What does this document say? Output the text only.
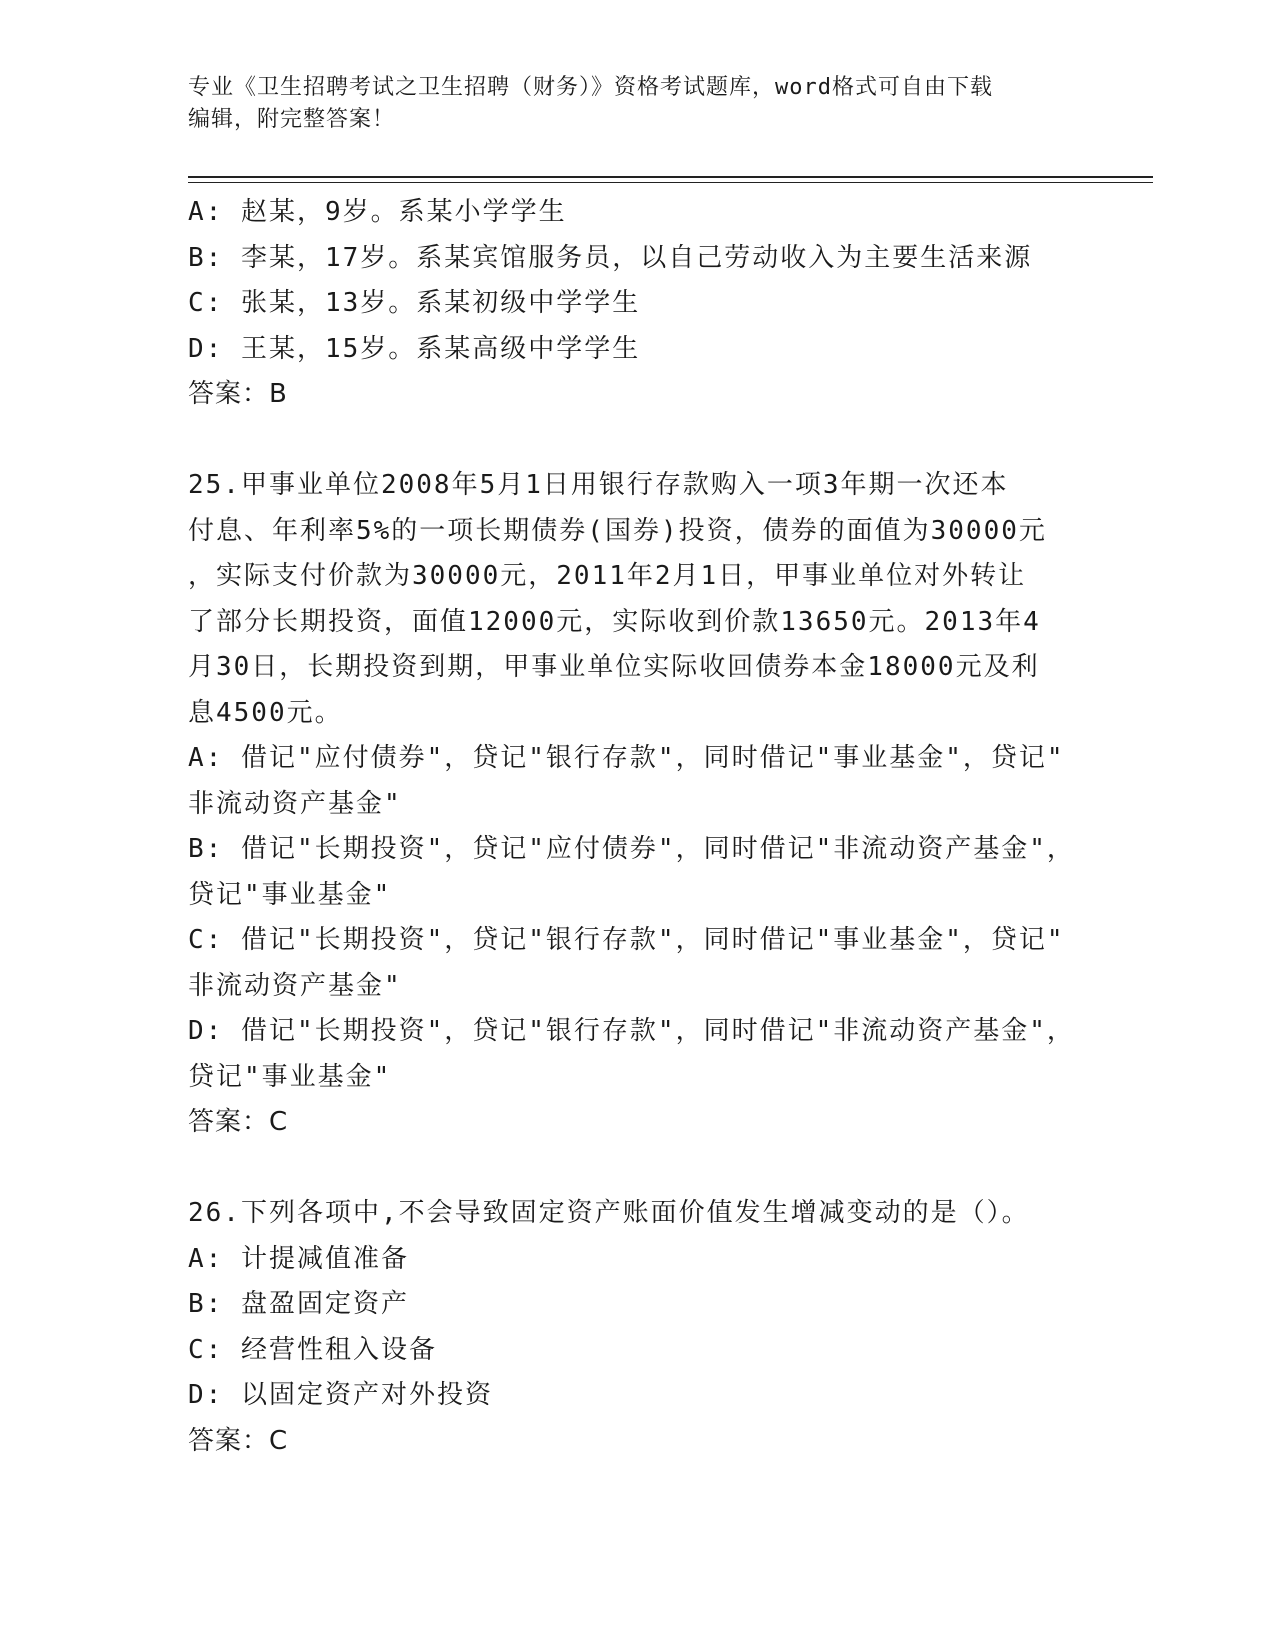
专业《卫生招聘考试之卫生招聘（财务）》资格考试题库，word格式可自由下载
编辑，附完整答案！
A: 赵某，9岁。系某小学学生
B: 李某，17岁。系某宾馆服务员，以自己劳动收入为主要生活来源
C: 张某，13岁。系某初级中学学生
D: 王某，15岁。系某高级中学学生
答案：B
25.甲事业单位2008年5月1日用银行存款购入一项3年期一次还本
付息、年利率5%的一项长期债券(国券)投资，债券的面值为30000元
，实际支付价款为30000元，2011年2月1日，甲事业单位对外转让
了部分长期投资，面值12000元，实际收到价款13650元。2013年4
月30日，长期投资到期，甲事业单位实际收回债券本金18000元及利
息4500元。
A: 借记"应付债券"，贷记"银行存款"，同时借记"事业基金"，贷记"
非流动资产基金"
B: 借记"长期投资"，贷记"应付债券"，同时借记"非流动资产基金"，
贷记"事业基金"
C: 借记"长期投资"，贷记"银行存款"，同时借记"事业基金"，贷记"
非流动资产基金"
D: 借记"长期投资"，贷记"银行存款"，同时借记"非流动资产基金"，
贷记"事业基金"
答案：C
26.下列各项中,不会导致固定资产账面价值发生增减变动的是（）。
A: 计提减值准备
B: 盘盈固定资产
C: 经营性租入设备
D: 以固定资产对外投资
答案：C
